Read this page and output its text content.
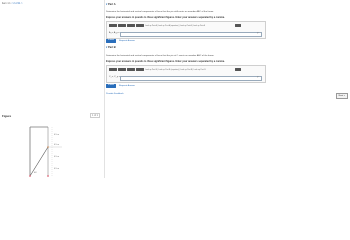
Item 1 1 < 2 of 11 >
Figure	1 of 1
0.5 m
0.5 m
0.5 m
0.5 m
60°
▾ Part A
Determine the horizontal and vertical components of force that the pin at A exerts on member ABC of the frame.
Express your answers in pounds to three significant figures. Enter your answers separated by a comma.
Look up Part A | Look up Part A (equation) | Look up Part A | Look up Part A
A_x, A_y =	?
Submit	Request Answer
▾ Part B
Determine the horizontal and vertical components of force that the pin at C exerts on member ABC of the frame.
Express your answers in pounds to three significant figures. Enter your answers separated by a comma.
Look up Part B | Look up Part B (equation) | Look up Part B | Look up Part B
C_x, C_y =	?
Submit	Request Answer
Provide Feedback
Next >
